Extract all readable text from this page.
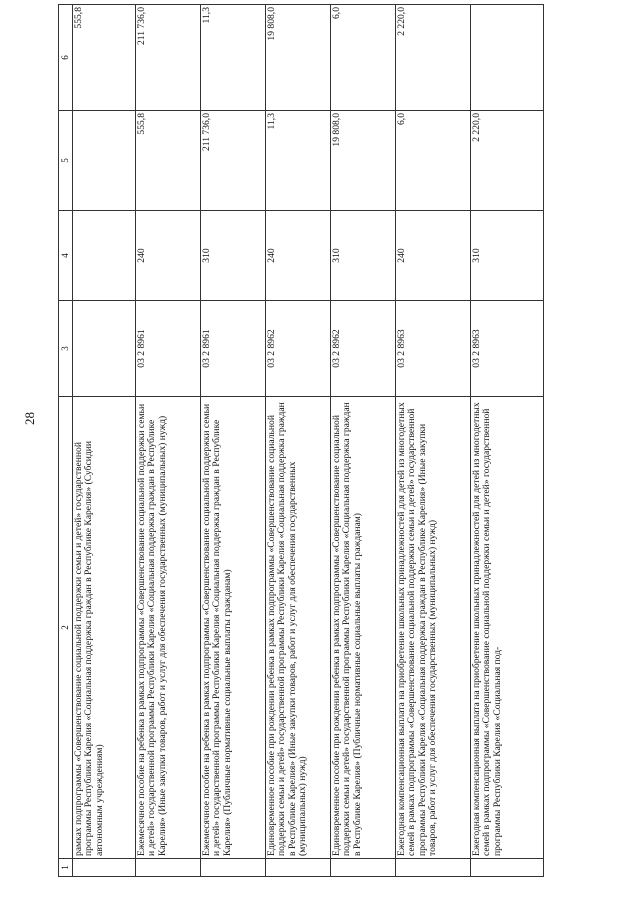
28
1	2	3	4	5	6
	рамках подпрограммы «Совершенствование социальной поддержки семьи и детей» государственной программы Республики Карелия «Социальная поддержка граждан в Республике Карелия» (Субсидии автономным учреждениям)				555,8
	Ежемесячное пособие на ребенка в рамках подпрограммы «Совершенствование социальной поддержки семьи и детей» государственной программы Республики Карелия «Социальная поддержка граждан в Республике Карелия» (Иные закупки товаров, работ и услуг для обеспечения государственных (муниципальных) нужд)	03 2 8961	240	555,8	211 736,0
	Ежемесячное пособие на ребенка в рамках подпрограммы «Совершенствование социальной поддержки семьи и детей» государственной программы Республики Карелия «Социальная поддержка граждан в Республике Карелия» (Публичные нормативные социальные выплаты гражданам)	03 2 8961	310	211 736,0	11,3
	Единовременное пособие при рождении ребенка в рамках подпрограммы «Совершенствование социальной поддержки семьи и детей» государственной программы Республики Карелия «Социальная поддержка граждан в Республике Карелия» (Иные закупки товаров, работ и услуг для обеспечения государственных (муниципальных) нужд)	03 2 8962	240	11,3	19 808,0
	Единовременное пособие при рождении ребенка в рамках подпрограммы «Совершенствование социальной поддержки семьи и детей» государственной программы Республики Карелия «Социальная поддержка граждан в Республике Карелия» (Публичные нормативные социальные выплаты гражданам)	03 2 8962	310	19 808,0	6,0
	Ежегодная компенсационная выплата на приобретение школьных принадлежностей для детей из многодетных семей в рамках подпрограммы «Совершенствование социальной поддержки семьи и детей» государственной программы Республики Карелия «Социальная поддержка граждан в Республике Карелия» (Иные закупки товаров, работ и услуг для обеспечения государственных (муниципальных) нужд)	03 2 8963	240	6,0	2 220,0
	Ежегодная компенсационная выплата на приобретение школьных принадлежностей для детей из многодетных семей в рамках подпрограммы «Совершенствование социальной поддержки семьи и детей» государственной программы Республики Карелия «Социальная под-	03 2 8963	310	2 220,0	
